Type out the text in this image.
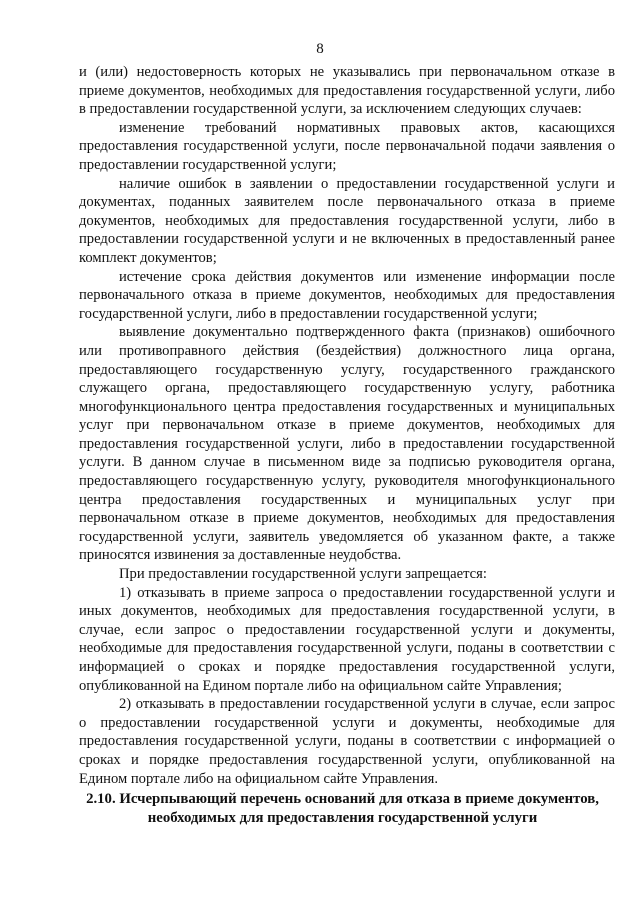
8

и (или) недостоверность которых не указывались при первоначальном отказе в приеме документов, необходимых для предоставления государственной услуги, либо в предоставлении государственной услуги, за исключением следующих случаев:

изменение требований нормативных правовых актов, касающихся предоставления государственной услуги, после первоначальной подачи заявления о предоставлении государственной услуги;

наличие ошибок в заявлении о предоставлении государственной услуги и документах, поданных заявителем после первоначального отказа в приеме документов, необходимых для предоставления государственной услуги, либо в предоставлении государственной услуги и не включенных в предоставленный ранее комплект документов;

истечение срока действия документов или изменение информации после первоначального отказа в приеме документов, необходимых для предоставления государственной услуги, либо в предоставлении государственной услуги;

выявление документально подтвержденного факта (признаков) ошибочного или противоправного действия (бездействия) должностного лица органа, предоставляющего государственную услугу, государственного гражданского служащего органа, предоставляющего государственную услугу, работника многофункционального центра предоставления государственных и муниципальных услуг при первоначальном отказе в приеме документов, необходимых для предоставления государственной услуги, либо в предоставлении государственной услуги. В данном случае в письменном виде за подписью руководителя органа, предоставляющего государственную услугу, руководителя многофункционального центра предоставления государственных и муниципальных услуг при первоначальном отказе в приеме документов, необходимых для предоставления государственной услуги, заявитель уведомляется об указанном факте, а также приносятся извинения за доставленные неудобства.

При предоставлении государственной услуги запрещается:

1) отказывать в приеме запроса о предоставлении государственной услуги и иных документов, необходимых для предоставления государственной услуги, в случае, если запрос о предоставлении государственной услуги и документы, необходимые для предоставления государственной услуги, поданы в соответствии с информацией о сроках и порядке предоставления государственной услуги, опубликованной на Едином портале либо на официальном сайте Управления;

2) отказывать в предоставлении государственной услуги в случае, если запрос о предоставлении государственной услуги и документы, необходимые для предоставления государственной услуги, поданы в соответствии с информацией о сроках и порядке предоставления государственной услуги, опубликованной на Едином портале либо на официальном сайте Управления.

2.10. Исчерпывающий перечень оснований для отказа в приеме документов, необходимых для предоставления государственной услуги
